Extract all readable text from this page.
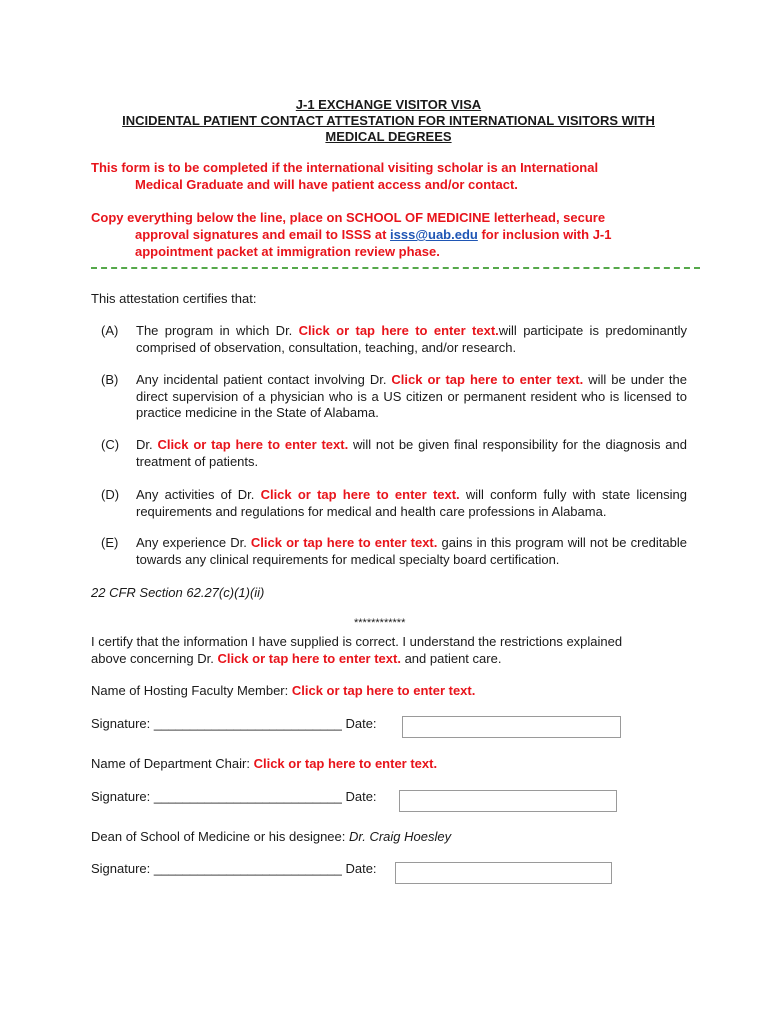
J-1 EXCHANGE VISITOR VISA
INCIDENTAL PATIENT CONTACT ATTESTATION FOR INTERNATIONAL VISITORS WITH
MEDICAL DEGREES
This form is to be completed if the international visiting scholar is an International
Medical Graduate and will have patient access and/or contact.
Copy everything below the line, place on SCHOOL OF MEDICINE letterhead, secure
approval signatures and email to ISSS at isss@uab.edu for inclusion with J-1
appointment packet at immigration review phase.
This attestation certifies that:
(A) The program in which Dr. Click or tap here to enter text.will participate is predominantly comprised of observation, consultation, teaching, and/or research.
(B) Any incidental patient contact involving Dr. Click or tap here to enter text. will be under the direct supervision of a physician who is a US citizen or permanent resident who is licensed to practice medicine in the State of Alabama.
(C) Dr. Click or tap here to enter text. will not be given final responsibility for the diagnosis and treatment of patients.
(D) Any activities of Dr. Click or tap here to enter text. will conform fully with state licensing requirements and regulations for medical and health care professions in Alabama.
(E) Any experience Dr. Click or tap here to enter text. gains in this program will not be creditable towards any clinical requirements for medical specialty board certification.
22 CFR Section 62.27(c)(1)(ii)
************
I certify that the information I have supplied is correct. I understand the restrictions explained
above concerning Dr. Click or tap here to enter text. and patient care.
Name of Hosting Faculty Member: Click or tap here to enter text.
Signature: __________________________ Date:
Name of Department Chair: Click or tap here to enter text.
Signature: __________________________ Date:
Dean of School of Medicine or his designee: Dr. Craig Hoesley
Signature: __________________________ Date:
